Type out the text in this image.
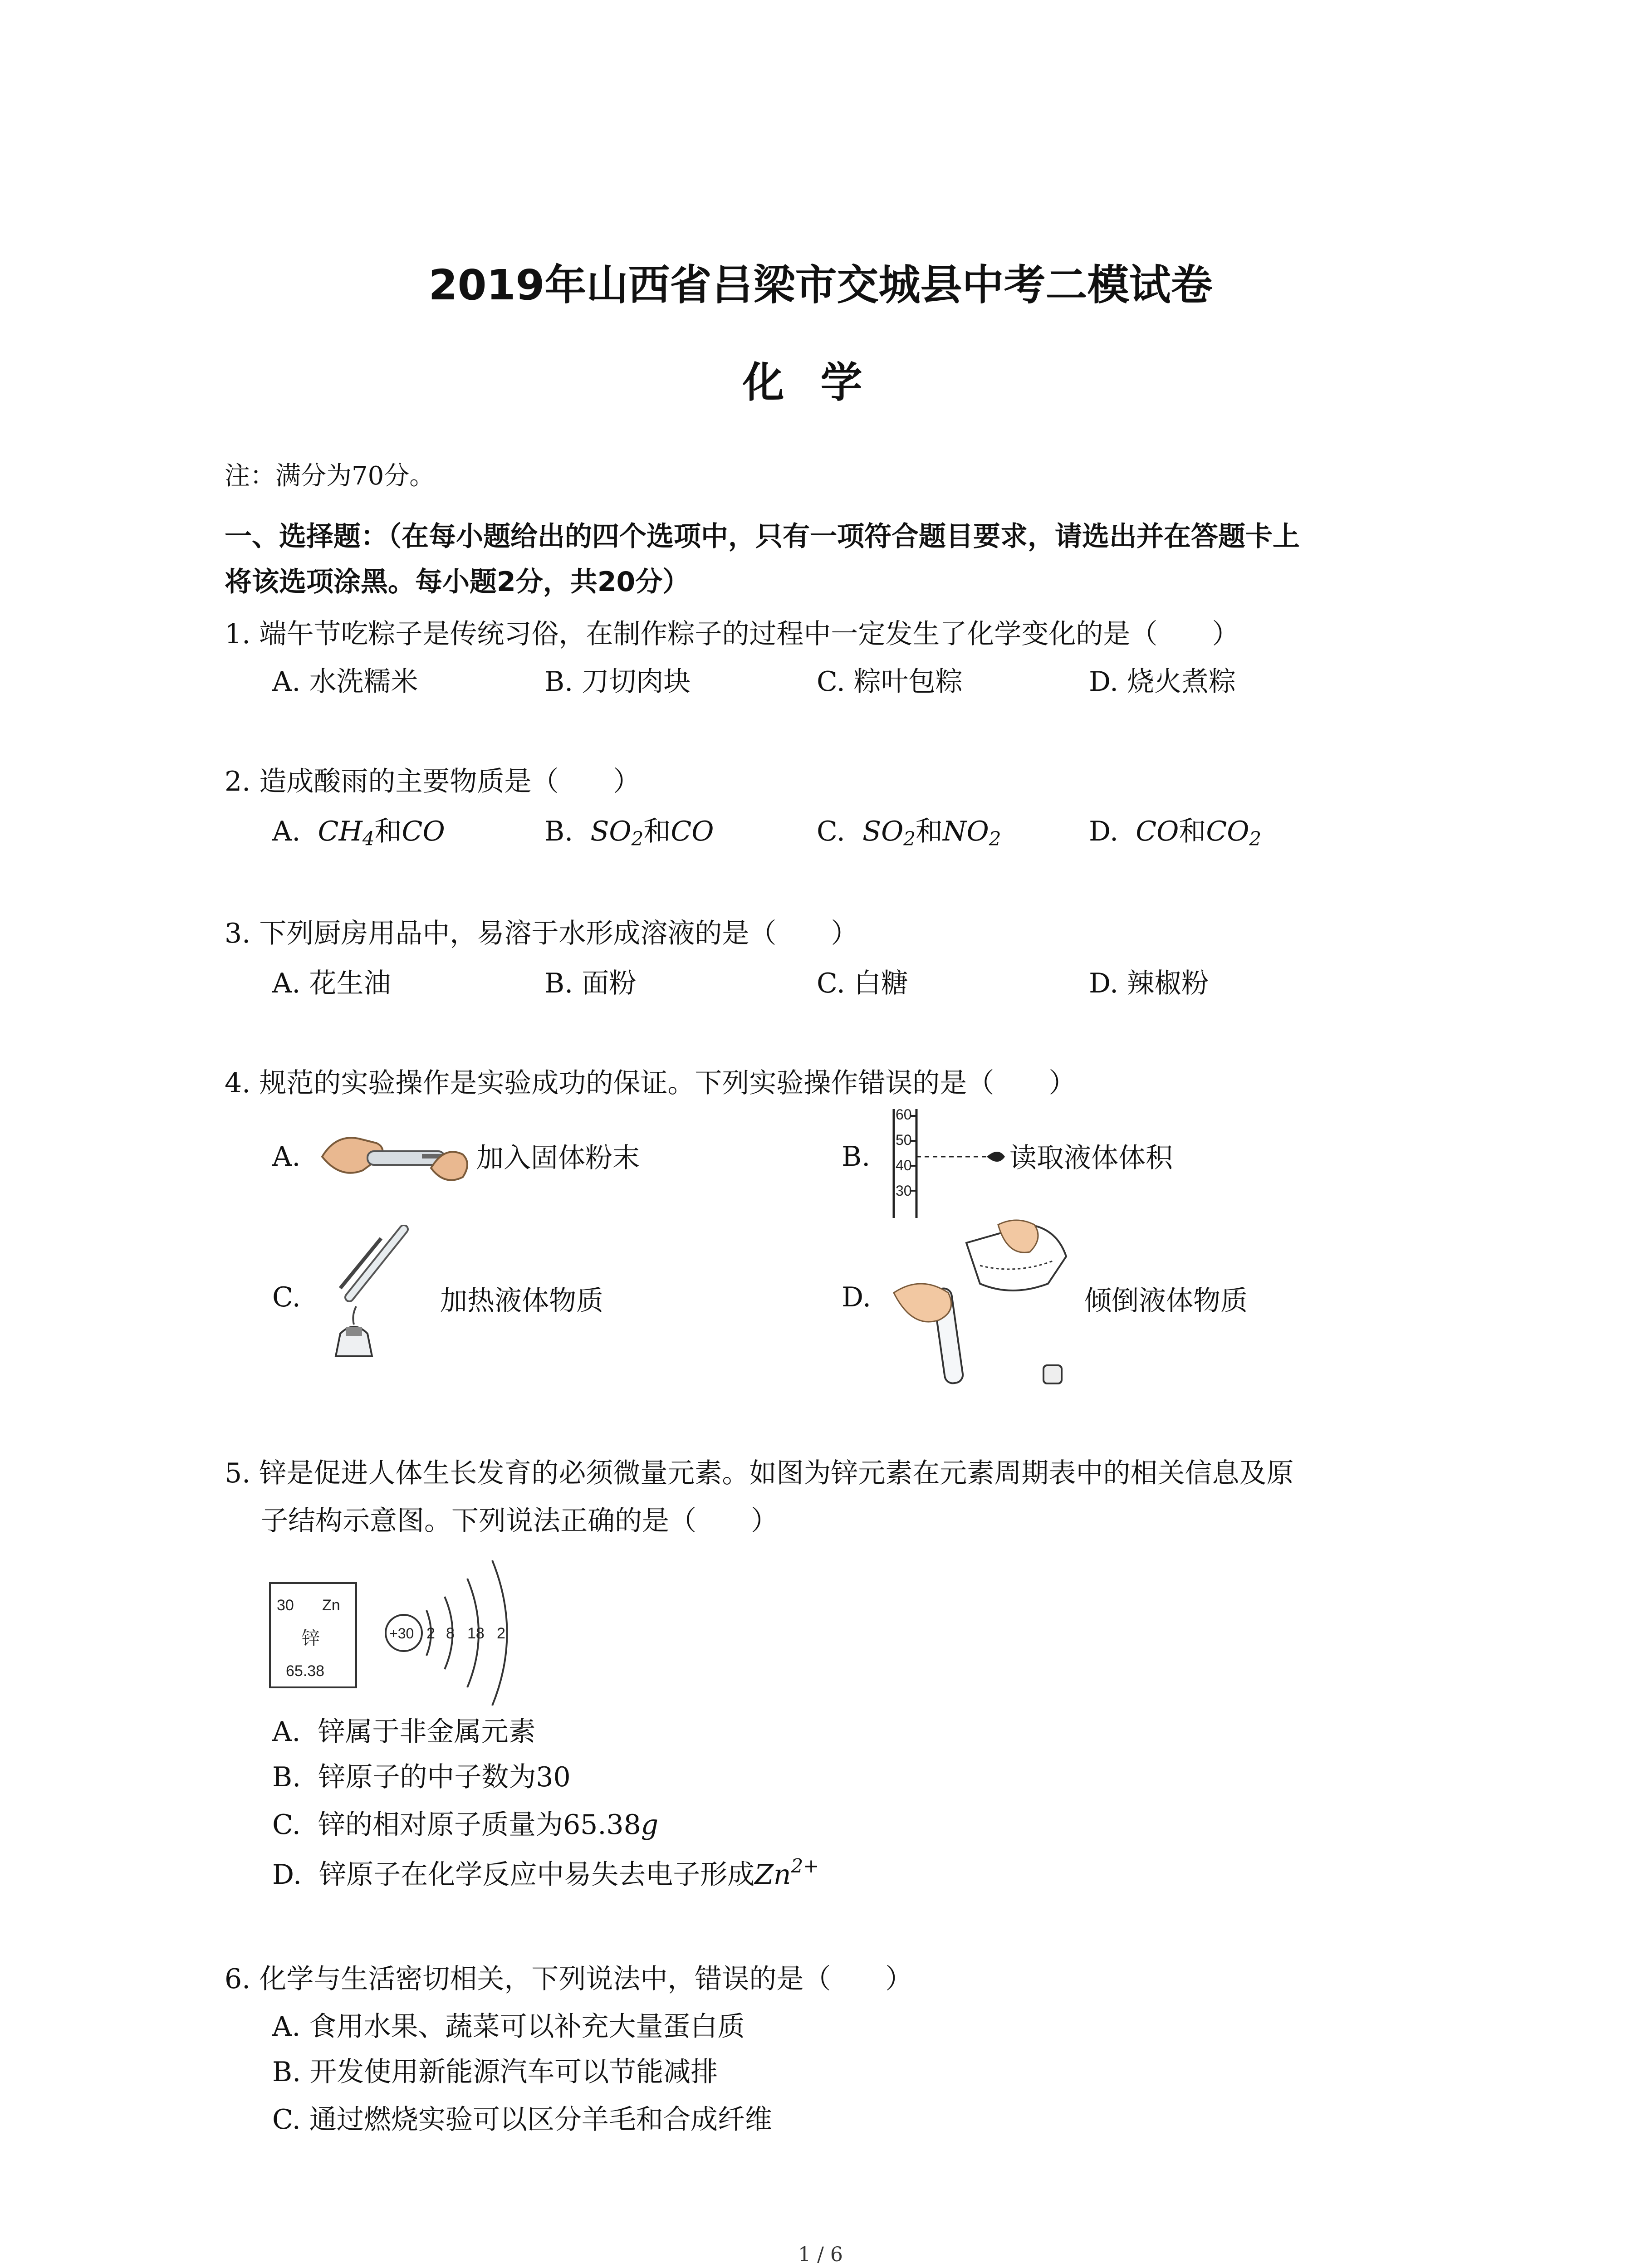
2019年山西省吕梁市交城县中考二模试卷
化学
注：满分为70分。
一、选择题：（在每小题给出的四个选项中，只有一项符合题目要求，请选出并在答题卡上
将该选项涂黑。每小题2分，共20分）
1. 端午节吃粽子是传统习俗，在制作粽子的过程中一定发生了化学变化的是（　　）
A. 水洗糯米	B. 刀切肉块	C. 粽叶包粽	D. 烧火煮粽
2. 造成酸雨的主要物质是（　　）
A. $CH_4$和CO	B. $SO_2$和CO	C. $SO_2$和$NO_2$	D. CO和$CO_2$
3. 下列厨房用品中，易溶于水形成溶液的是（　　）
A. 花生油	B. 面粉	C. 白糖	D. 辣椒粉
4. 规范的实验操作是实验成功的保证。下列实验操作错误的是（　　）
A.	加入固体粉末	B.
60
50
40
30
读取液体体积
C.	加热液体物质	D.	倾倒液体物质
5. 锌是促进人体生长发育的必须微量元素。如图为锌元素在元素周期表中的相关信息及原
子结构示意图。下列说法正确的是（　　）
30 Zn
锌
65.38
+30 2 8 18 2
A. 锌属于非金属元素
B. 锌原子的中子数为30
C. 锌的相对原子质量为65.38g
D. 锌原子在化学反应中易失去电子形成$Zn^{2+}$
6. 化学与生活密切相关，下列说法中，错误的是（　　）
A. 食用水果、蔬菜可以补充大量蛋白质
B. 开发使用新能源汽车可以节能减排
C. 通过燃烧实验可以区分羊毛和合成纤维
1 / 6
